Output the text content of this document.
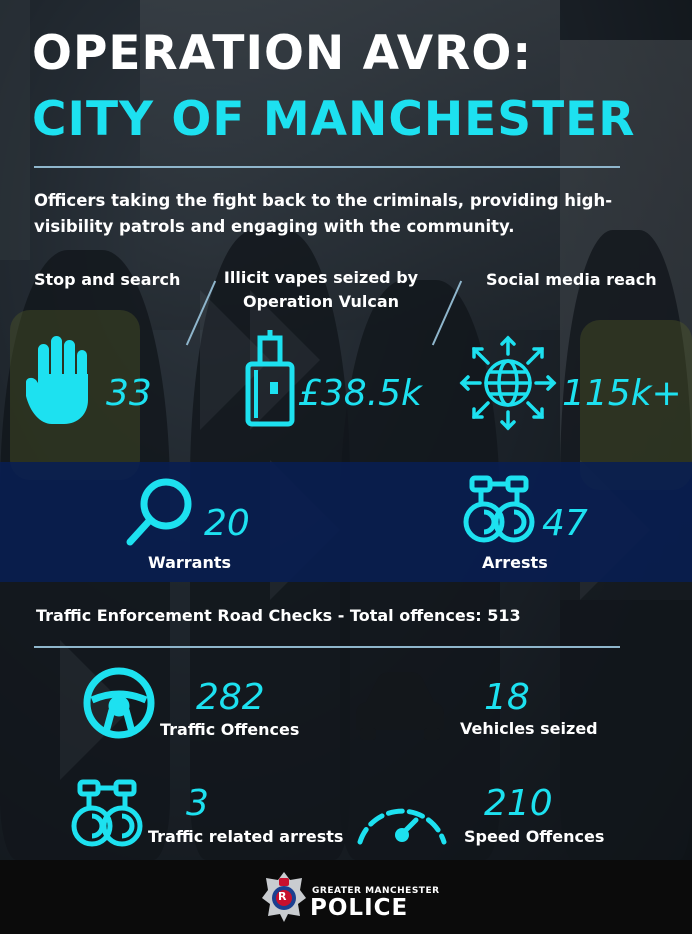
OPERATION AVRO:
CITY OF MANCHESTER
Officers taking the fight back to the criminals, providing high-visibility patrols and engaging with the community.
Stop and search	Illicit vapes seized by Operation Vulcan
Social media reach
33	£38.5k	115k+
20
Warrants
47
Arrests
Traffic Enforcement Road Checks - Total offences: 513
282
Traffic Offences
18
Vehicles seized
3
Traffic related arrests
210
Speed Offences
R	GREATER MANCHESTER
POLICE
